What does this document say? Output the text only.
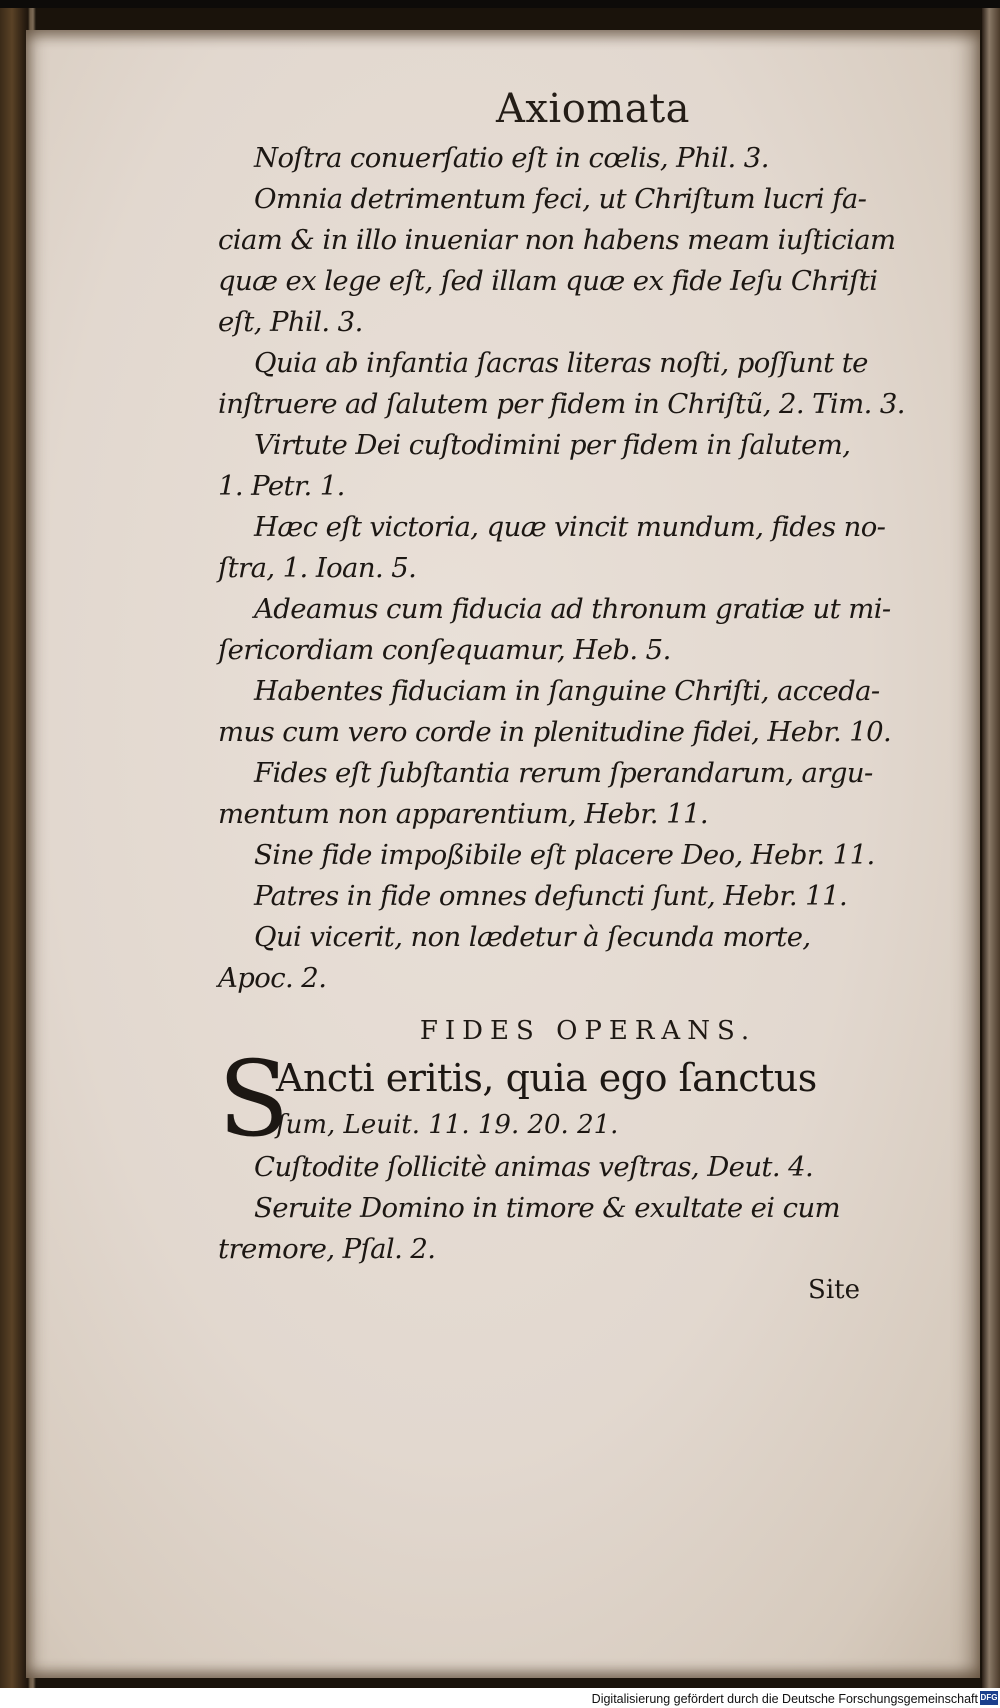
Axiomata
Noſtra conuerſatio eſt in cœlis, Phil. 3.
Omnia detrimentum feci, ut Chriſtum lucri fa-
ciam & in illo inueniar non habens meam iuſticiam
quæ ex lege eſt, ſed illam quæ ex fide Ieſu Chriſti
eſt, Phil. 3.
Quia ab infantia ſacras literas noſti, poſſunt te
inſtruere ad ſalutem per fidem in Chriſtũ, 2. Tim. 3.
Virtute Dei cuſtodimini per fidem in ſalutem,
1. Petr. 1.
Hæc eſt victoria, quæ vincit mundum, fides no-
ſtra, 1. Ioan. 5.
Adeamus cum fiducia ad thronum gratiæ ut mi-
ſericordiam conſequamur, Heb. 5.
Habentes fiduciam in ſanguine Chriſti, acceda-
mus cum vero corde in plenitudine fidei, Hebr. 10.
Fides eſt ſubſtantia rerum ſperandarum, argu-
mentum non apparentium, Hebr. 11.
Sine fide impoßibile eſt placere Deo, Hebr. 11.
Patres in fide omnes defuncti ſunt, Hebr. 11.
Qui vicerit, non lædetur à ſecunda morte,
Apoc. 2.
FIDES OPERANS.
S
Ancti eritis, quia ego ſanctus
ſum, Leuit. 11. 19. 20. 21.
Cuſtodite ſollicitè animas veſtras, Deut. 4.
Seruite Domino in timore & exultate ei cum
tremore, Pſal. 2.
Site
Digitalisierung gefördert durch die Deutsche Forschungsgemeinschaft DFG
